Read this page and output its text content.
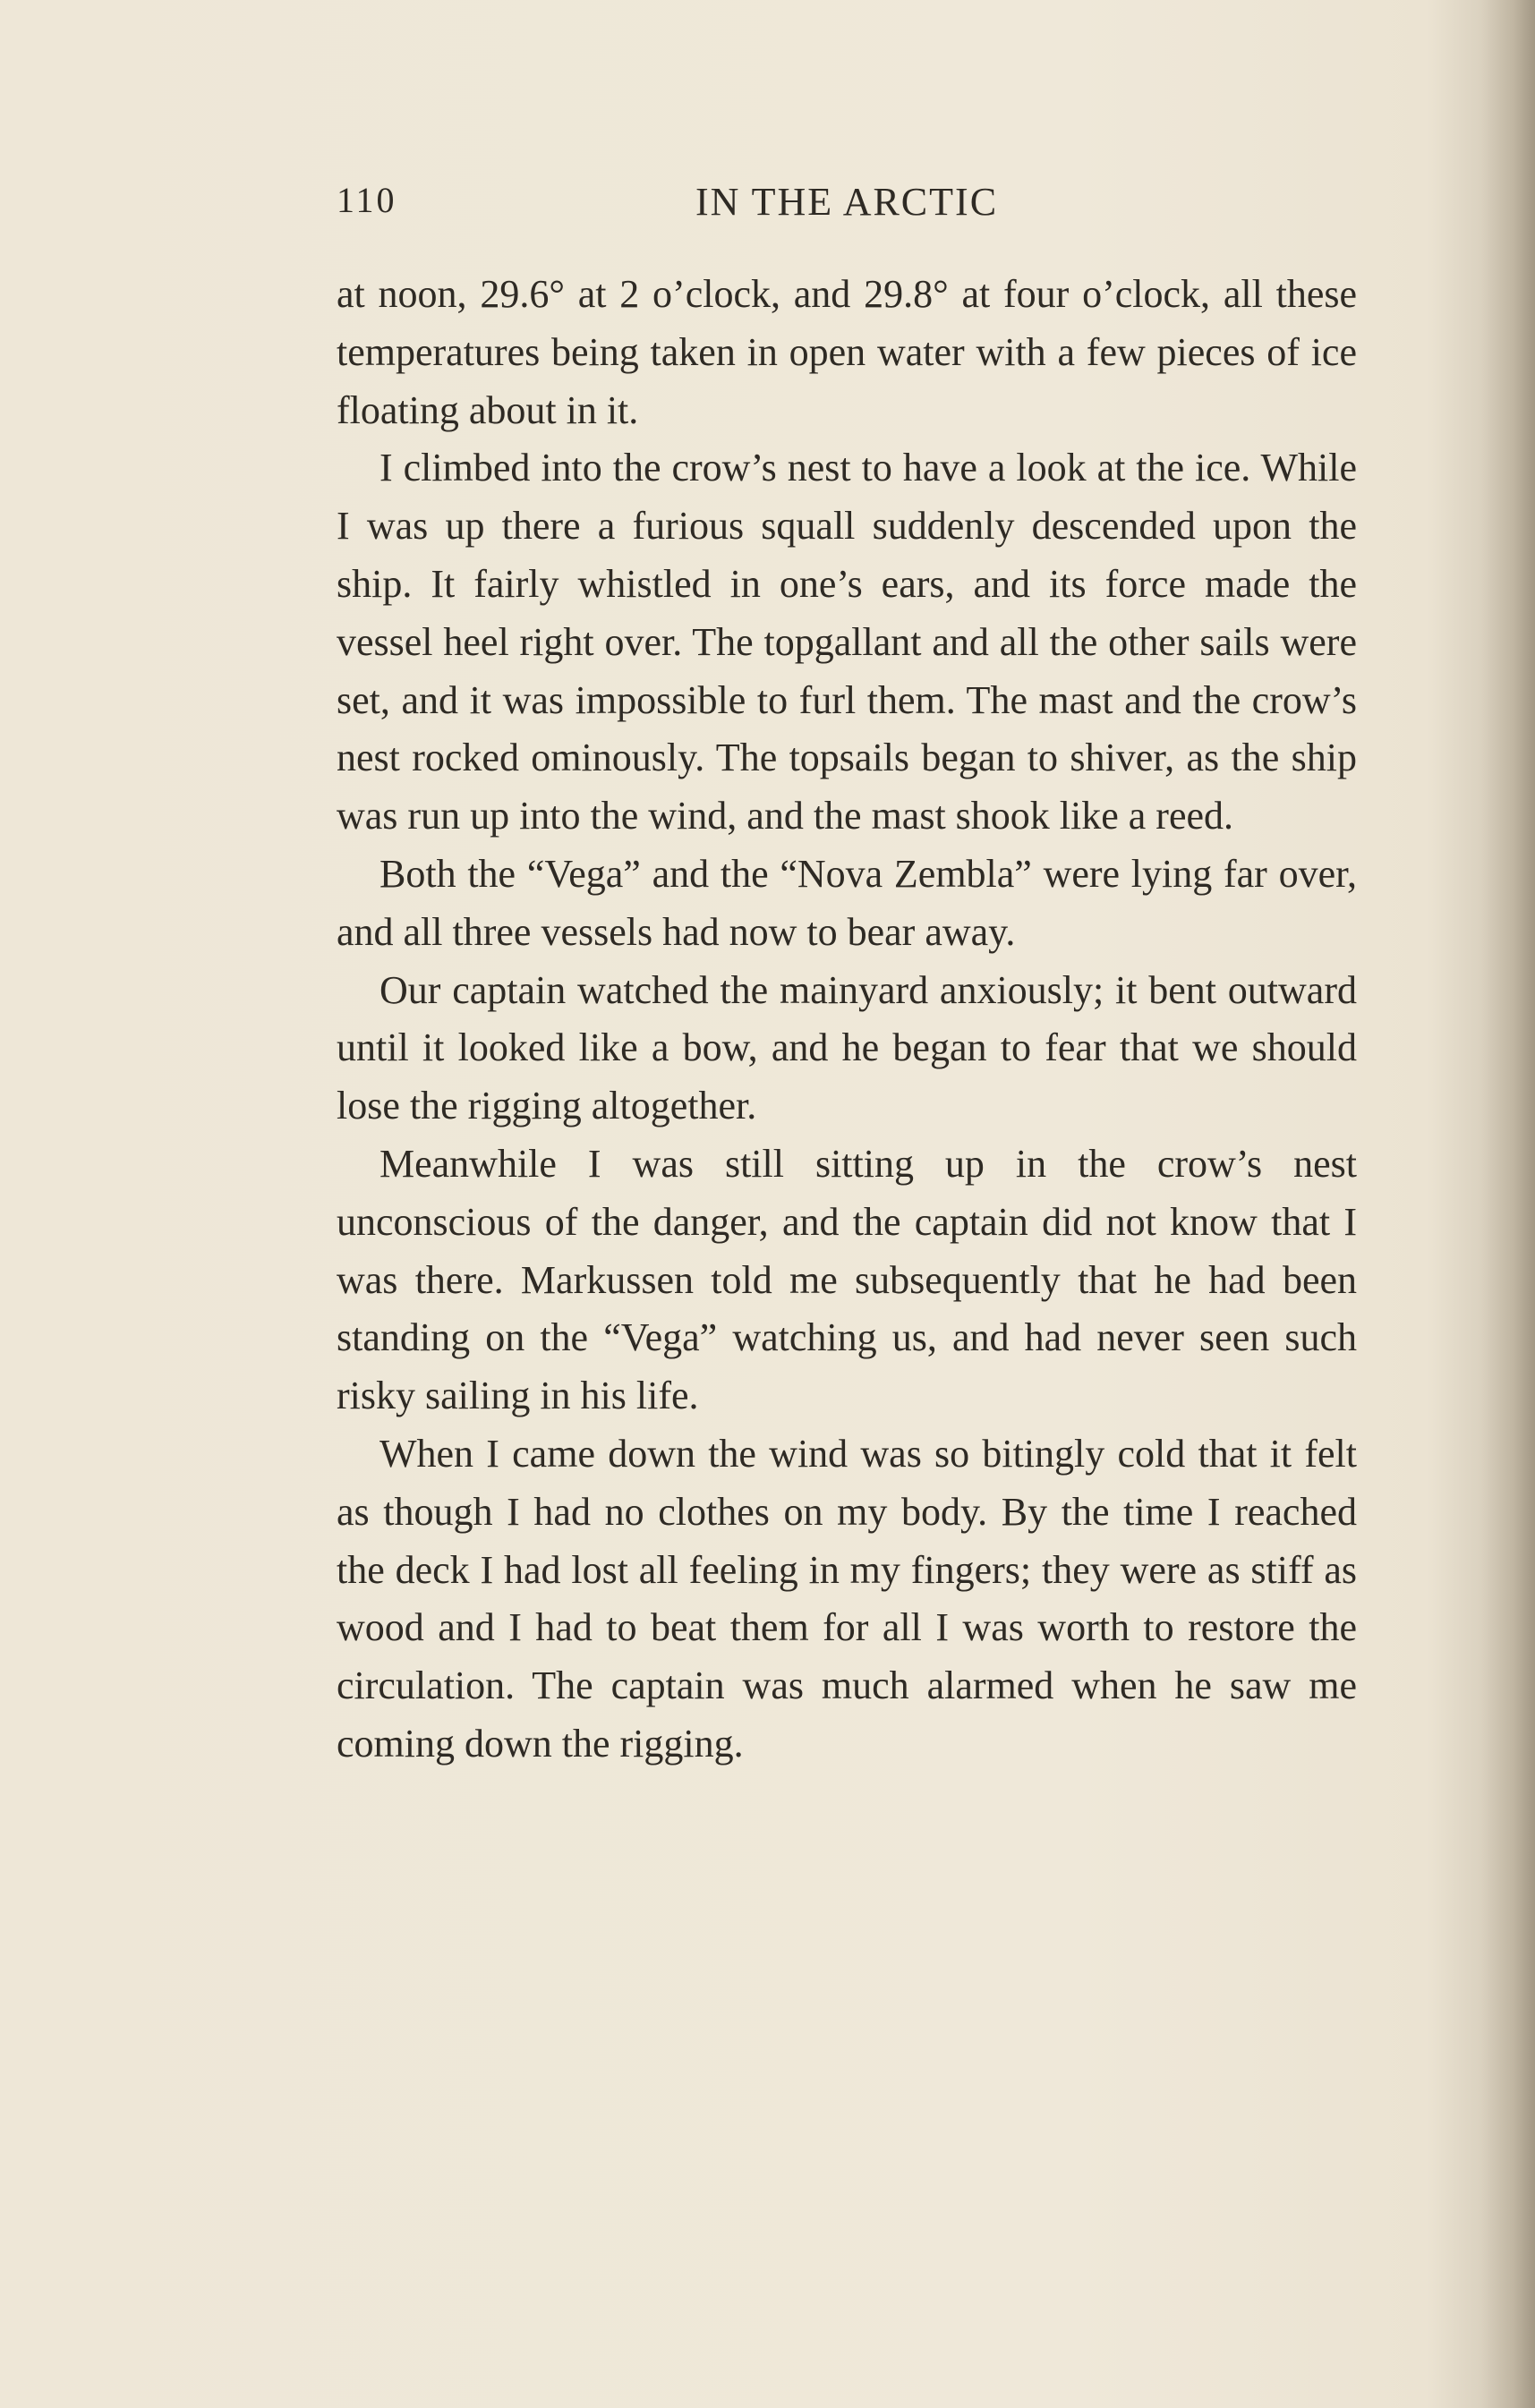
110	IN THE ARCTIC

at noon, 29.6° at 2 o’clock, and 29.8° at four o’clock, all these temperatures being taken in open water with a few pieces of ice floating about in it.

I climbed into the crow’s nest to have a look at the ice. While I was up there a furious squall suddenly descended upon the ship. It fairly whistled in one’s ears, and its force made the vessel heel right over. The topgallant and all the other sails were set, and it was impossible to furl them. The mast and the crow’s nest rocked ominously. The topsails began to shiver, as the ship was run up into the wind, and the mast shook like a reed.

Both the “Vega” and the “Nova Zembla” were lying far over, and all three vessels had now to bear away.

Our captain watched the mainyard anxiously; it bent outward until it looked like a bow, and he began to fear that we should lose the rigging altogether.

Meanwhile I was still sitting up in the crow’s nest unconscious of the danger, and the captain did not know that I was there. Markussen told me subsequently that he had been standing on the “Vega” watching us, and had never seen such risky sailing in his life.

When I came down the wind was so bitingly cold that it felt as though I had no clothes on my body. By the time I reached the deck I had lost all feeling in my fingers; they were as stiff as wood and I had to beat them for all I was worth to restore the circulation. The captain was much alarmed when he saw me coming down the rigging.
